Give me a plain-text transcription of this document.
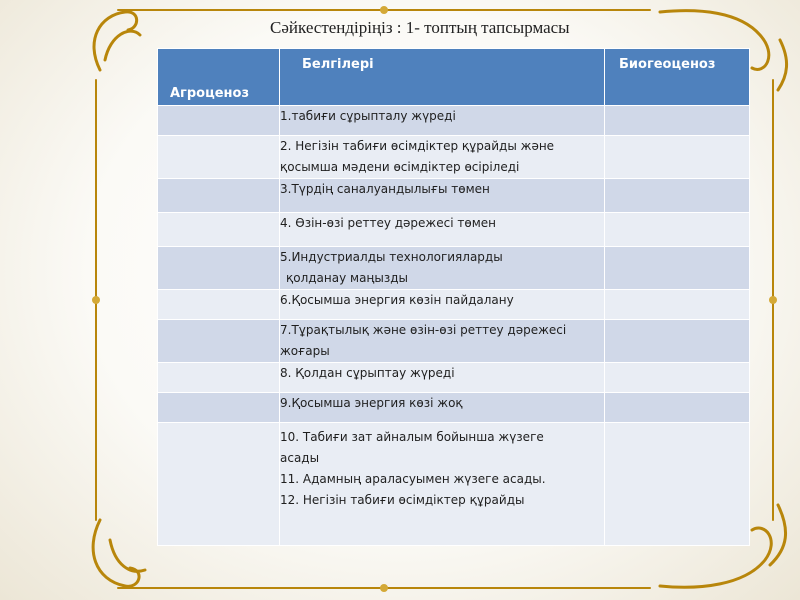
Сәйкестендіріңіз : 1- топтың тапсырмасы
Агроценоз	Белгілері	Биогеоценоз

	1.табиғи сұрыпталу жүреді	

	2. Негізін табиғи өсімдіктер құрайды және
қосымша мәдени өсімдіктер өсіріледі	

	3.Түрдің саналуандылығы төмен	

	4. Өзін-өзі реттеу дәрежесі төмен	

	5.Индустриалды технологияларды
қолданау маңызды	

	6.Қосымша энергия көзін пайдалану	

	7.Тұрақтылық және өзін-өзі реттеу дәрежесі
жоғары	

	8. Қолдан сұрыптау жүреді	

	9.Қосымша энергия көзі жоқ	

	10. Табиғи зат айналым бойынша жүзеге
асады
11. Адамның араласуымен жүзеге асады.
12. Негізін табиғи өсімдіктер құрайды	
